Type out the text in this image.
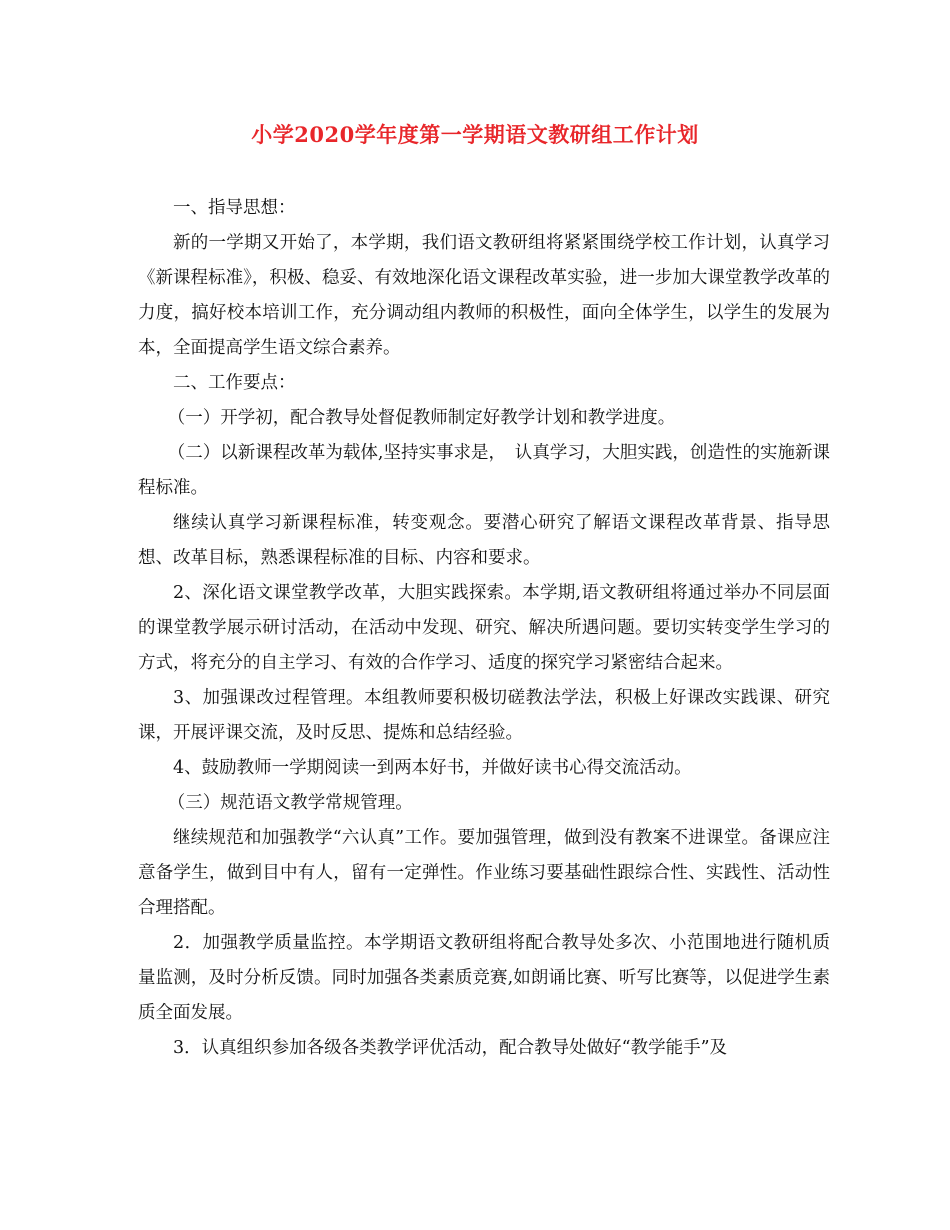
小学2020学年度第一学期语文教研组工作计划

一、指导思想：

新的一学期又开始了，本学期，我们语文教研组将紧紧围绕学校工作计划，认真学习《新课程标准》，积极、稳妥、有效地深化语文课程改革实验，进一步加大课堂教学改革的力度，搞好校本培训工作，充分调动组内教师的积极性，面向全体学生，以学生的发展为本，全面提高学生语文综合素养。

二、工作要点：

（一）开学初，配合教导处督促教师制定好教学计划和教学进度。

（二）以新课程改革为载体,坚持实事求是，　认真学习，大胆实践，创造性的实施新课程标准。

继续认真学习新课程标准，转变观念。要潜心研究了解语文课程改革背景、指导思想、改革目标，熟悉课程标准的目标、内容和要求。

2、深化语文课堂教学改革，大胆实践探索。本学期,语文教研组将通过举办不同层面的课堂教学展示研讨活动，在活动中发现、研究、解决所遇问题。要切实转变学生学习的方式，将充分的自主学习、有效的合作学习、适度的探究学习紧密结合起来。

3、加强课改过程管理。本组教师要积极切磋教法学法，积极上好课改实践课、研究课，开展评课交流，及时反思、提炼和总结经验。

4、鼓励教师一学期阅读一到两本好书，并做好读书心得交流活动。

（三）规范语文教学常规管理。

继续规范和加强教学“六认真”工作。要加强管理，做到没有教案不进课堂。备课应注意备学生，做到目中有人，留有一定弹性。作业练习要基础性跟综合性、实践性、活动性合理搭配。

2．加强教学质量监控。本学期语文教研组将配合教导处多次、小范围地进行随机质量监测，及时分析反馈。同时加强各类素质竞赛,如朗诵比赛、听写比赛等，以促进学生素质全面发展。

3．认真组织参加各级各类教学评优活动，配合教导处做好“教学能手”及
